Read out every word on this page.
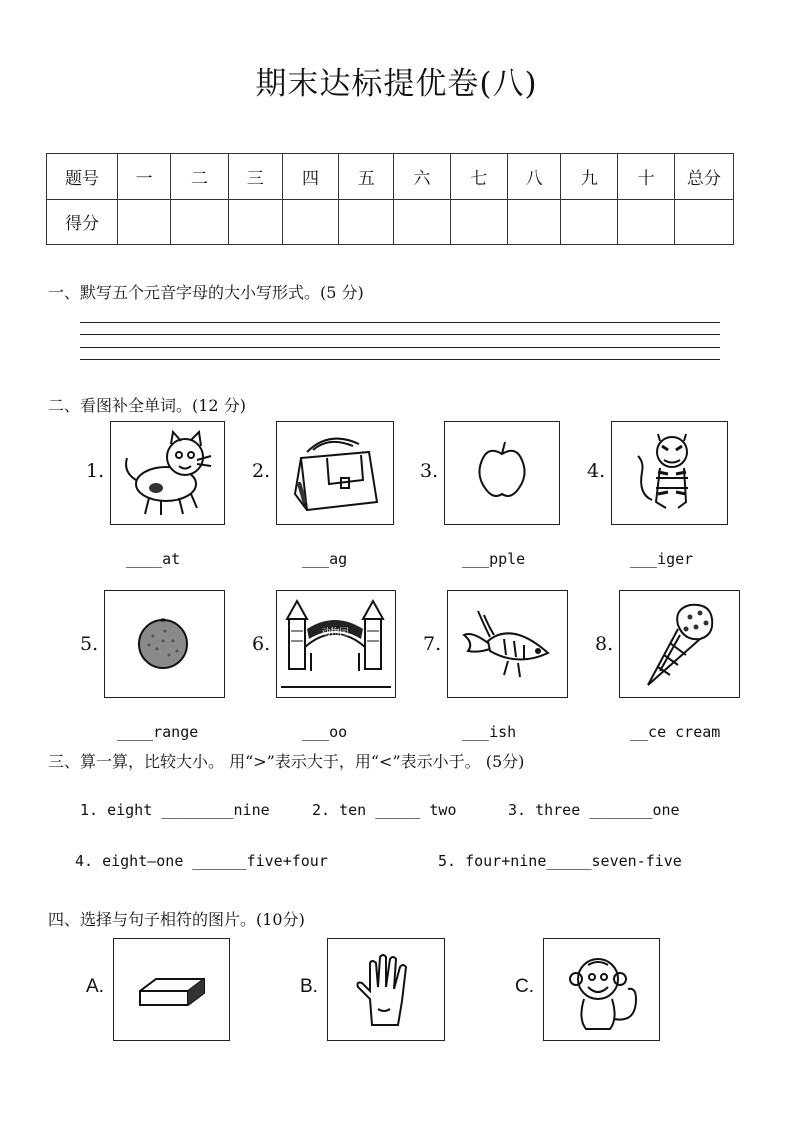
期末达标提优卷(八)
题号	一	二	三	四	五	六	七	八	九	十	总分
得分											
一、默写五个元音字母的大小写形式。(5 分)
二、看图补全单词。(12 分)
1.
____at
2.
___ag
3.
___pple
4.
___iger
5.
____range
6.	动物园
___oo
7.
___ish
8.
__ce cream
三、算一算，比较大小。 用“>”表示大于，用“<”表示小于。 (5分)
1. eight ________nine	2. ten _____ two	3. three _______one
4. eight—one ______five+four	5. four+nine_____seven-five
四、选择与句子相符的图片。(10分)
A.	B.	C.
